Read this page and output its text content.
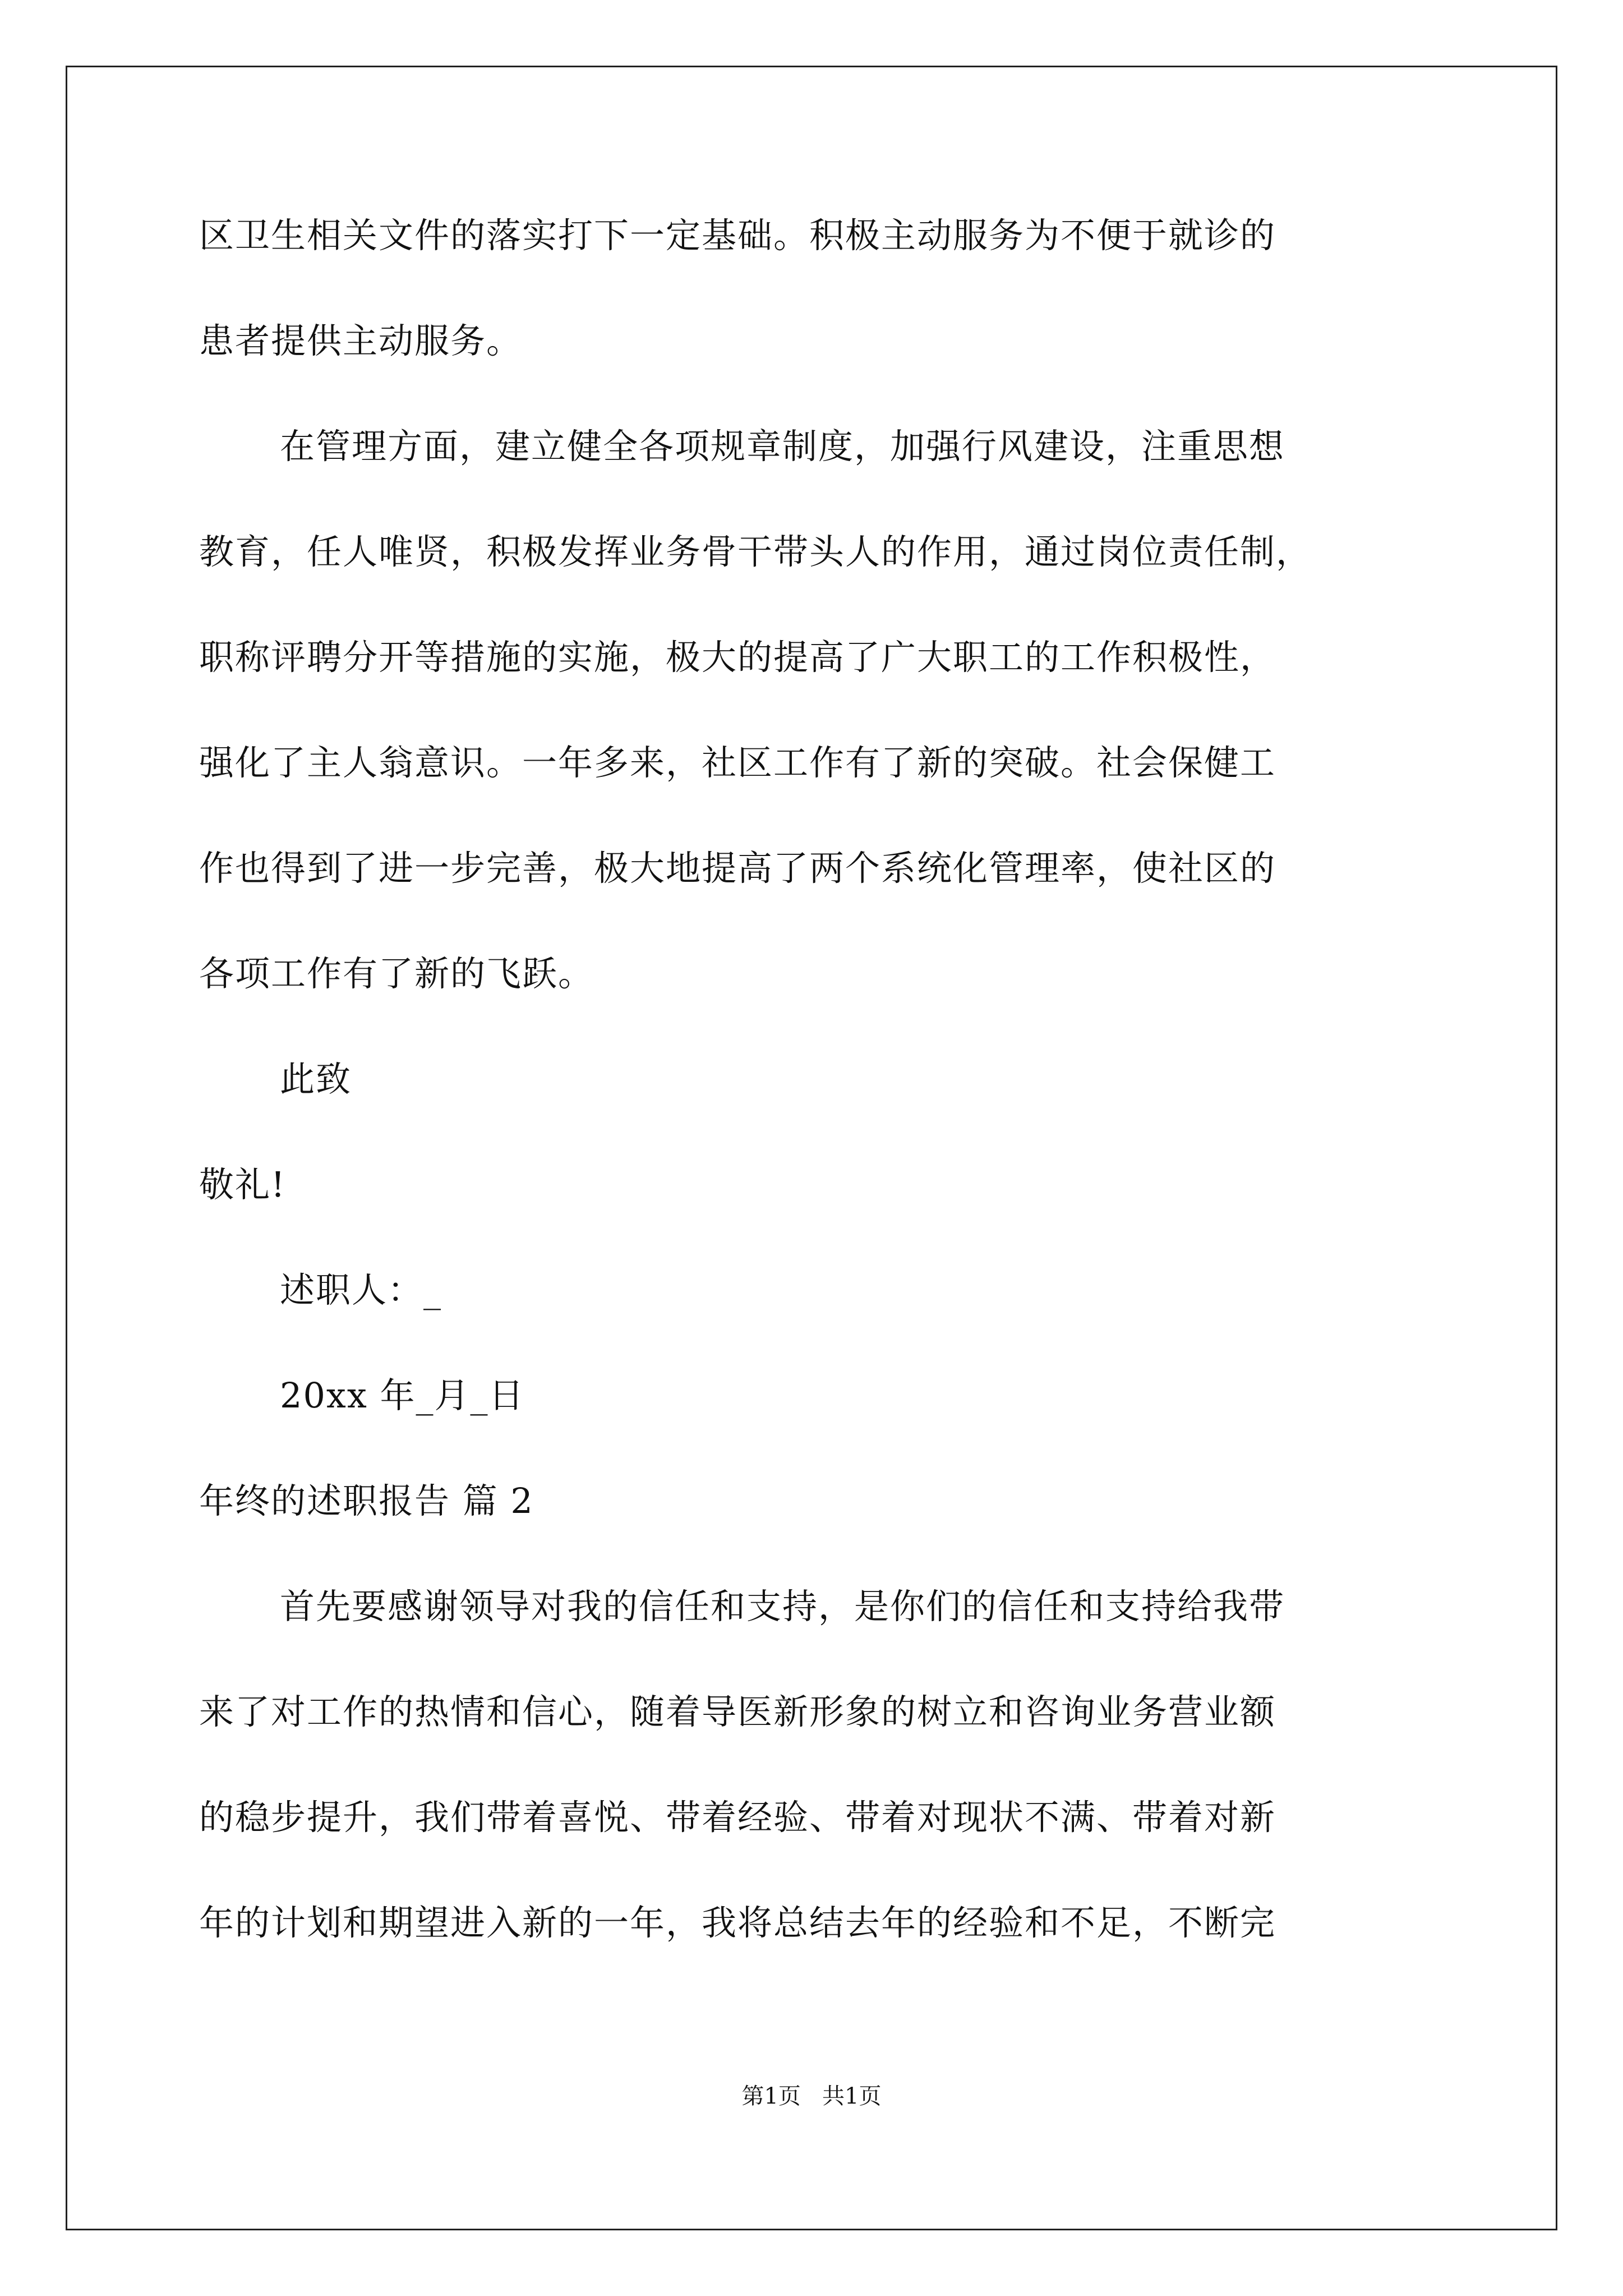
区卫生相关文件的落实打下一定基础。积极主动服务为不便于就诊的
患者提供主动服务。
在管理方面，建立健全各项规章制度，加强行风建设，注重思想
教育，任人唯贤，积极发挥业务骨干带头人的作用，通过岗位责任制，
职称评聘分开等措施的实施，极大的提高了广大职工的工作积极性，
强化了主人翁意识。一年多来，社区工作有了新的突破。社会保健工
作也得到了进一步完善，极大地提高了两个系统化管理率，使社区的
各项工作有了新的飞跃。
此致
敬礼!
述职人：_
20xx 年_月_日
年终的述职报告 篇 2
首先要感谢领导对我的信任和支持，是你们的信任和支持给我带
来了对工作的热情和信心，随着导医新形象的树立和咨询业务营业额
的稳步提升，我们带着喜悦、带着经验、带着对现状不满、带着对新
年的计划和期望进入新的一年，我将总结去年的经验和不足，不断完
第1页   共1页
